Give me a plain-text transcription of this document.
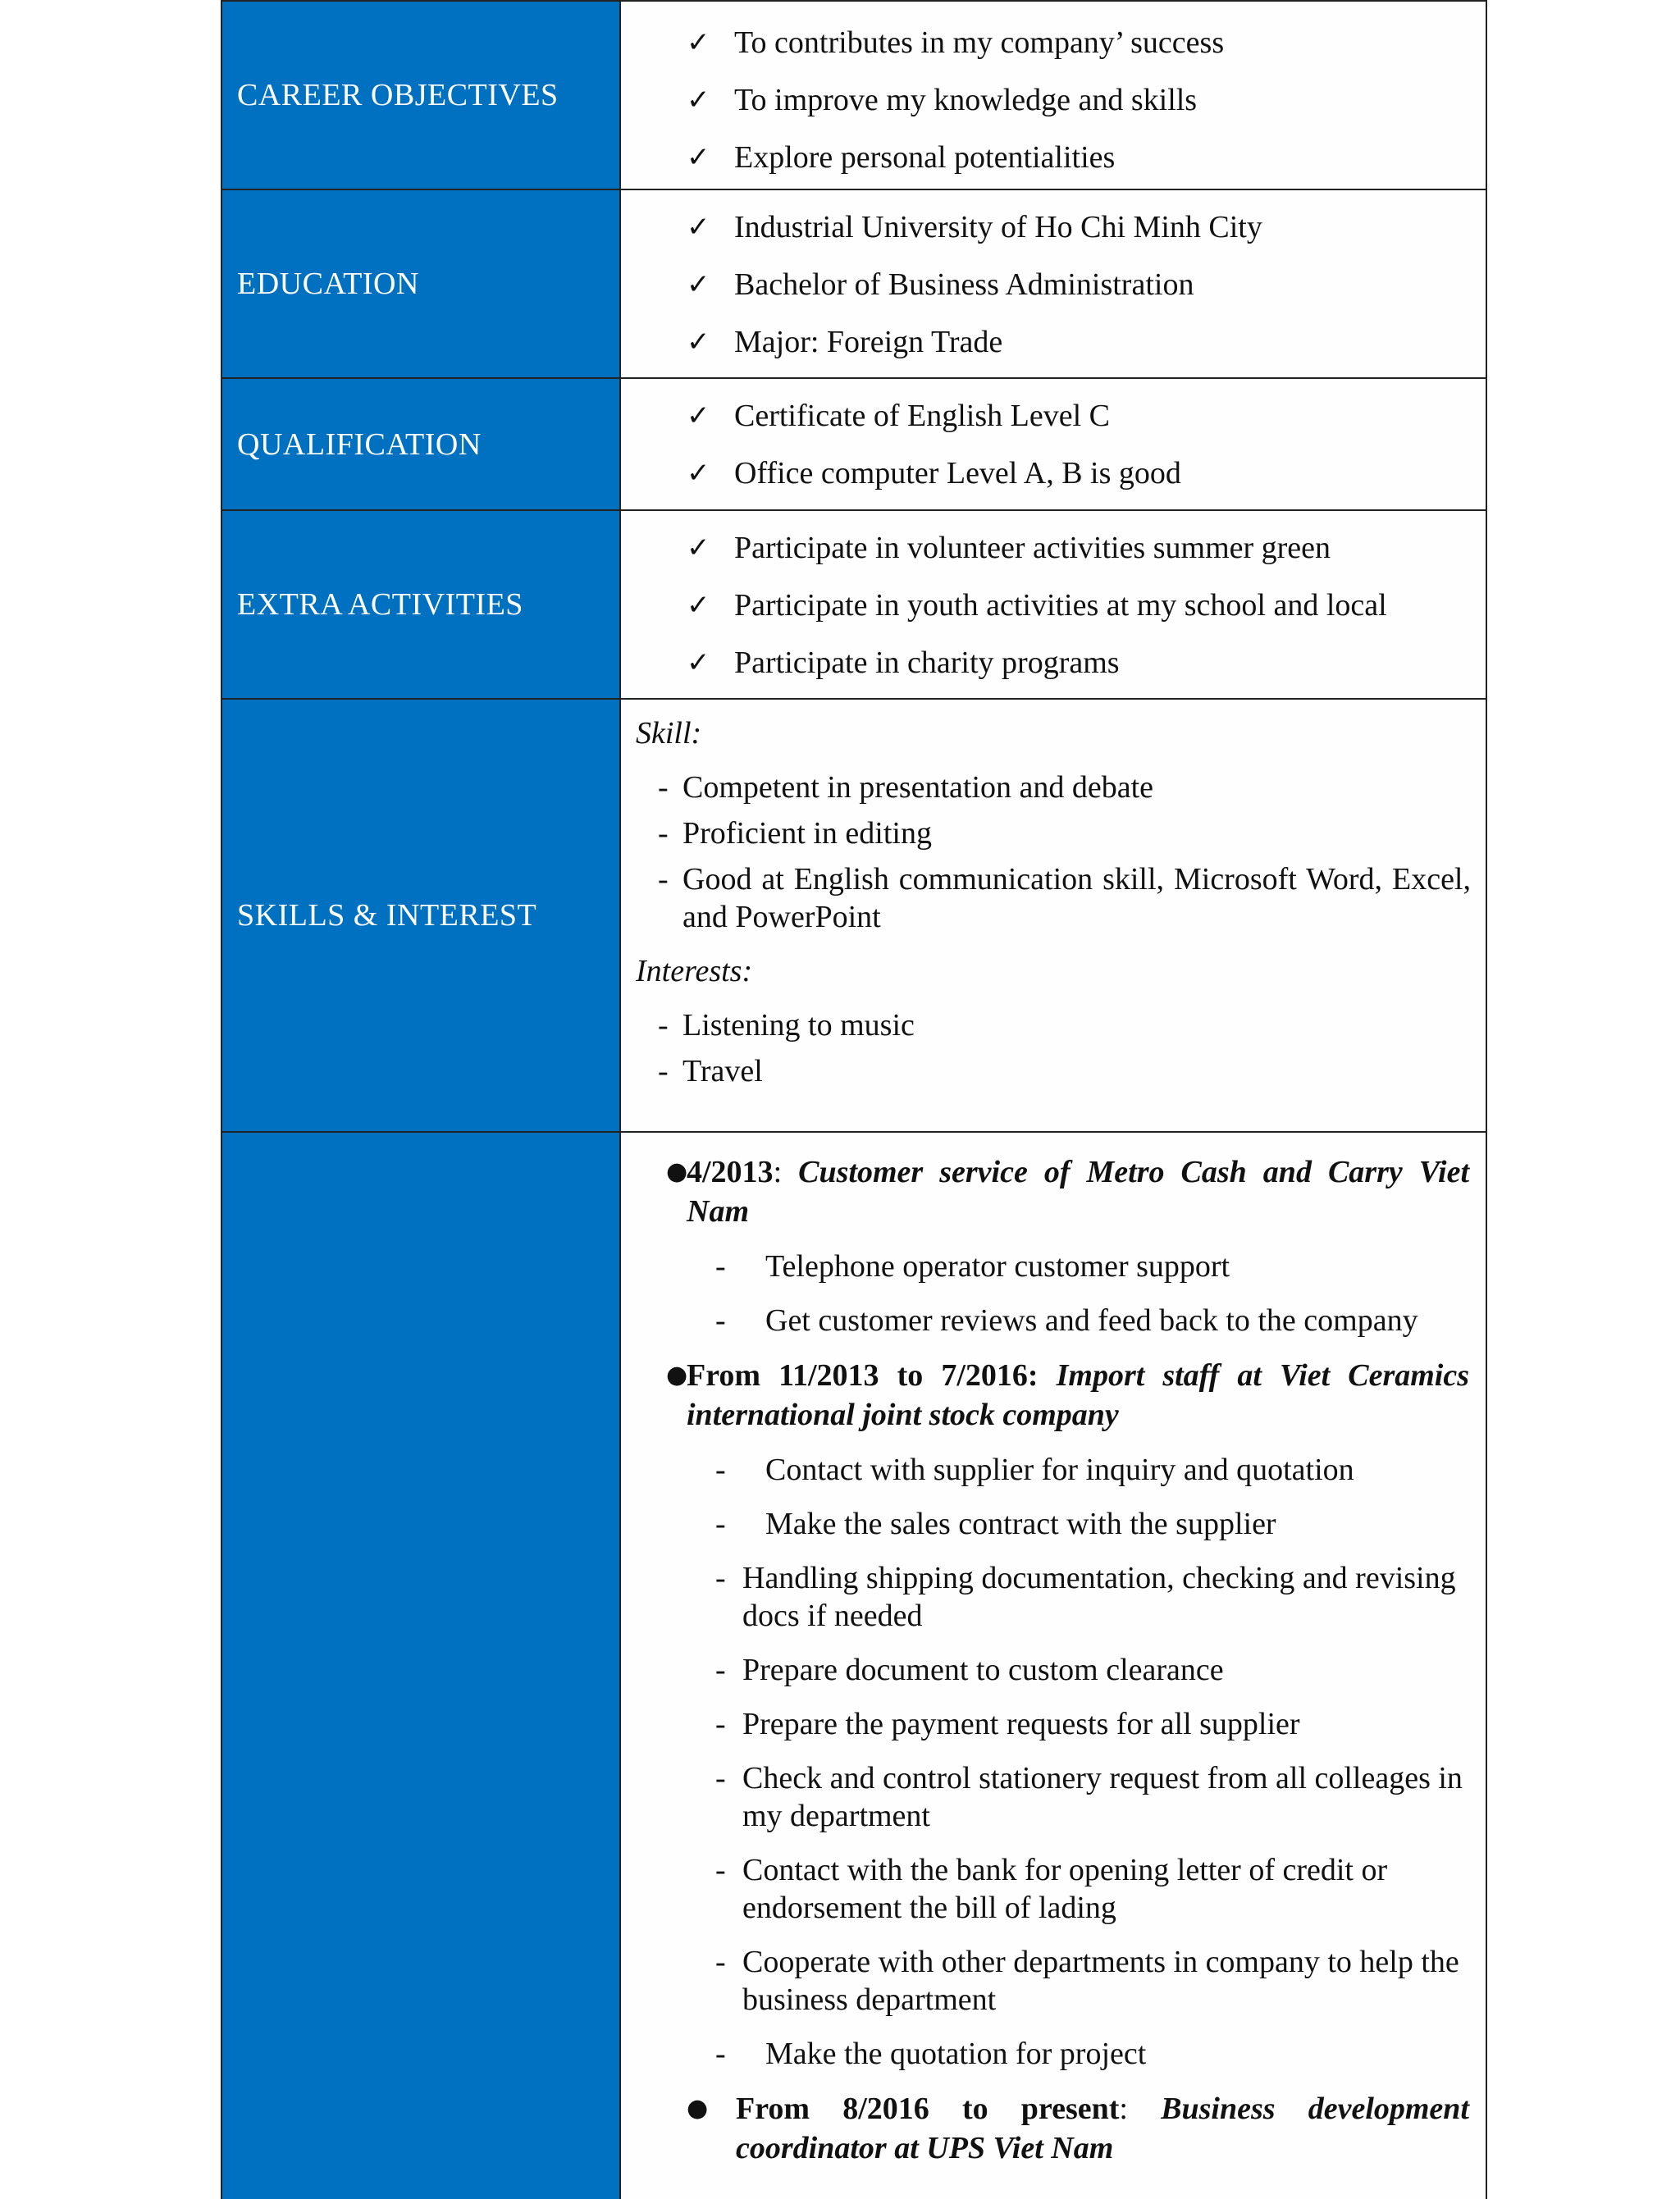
CAREER OBJECTIVES
✓ To contributes in my company’ success
✓ To improve my knowledge and skills
✓ Explore personal potentialities
EDUCATION
✓ Industrial University of Ho Chi Minh City
✓ Bachelor of Business Administration
✓ Major: Foreign Trade
QUALIFICATION
✓ Certificate of English Level C
✓ Office computer Level A, B is good
EXTRA ACTIVITIES
✓ Participate in volunteer activities summer green
✓ Participate in youth activities at my school and local
✓ Participate in charity programs
SKILLS & INTEREST
Skill:
- Competent in presentation and debate
- Proficient in editing
- Good at English communication skill, Microsoft Word, Excel, and PowerPoint
Interests:
- Listening to music
- Travel
●
4/2013: Customer service of Metro Cash and Carry Viet Nam
- Telephone operator customer support
- Get customer reviews and feed back to the company
●
From 11/2013 to 7/2016: Import staff at Viet Ceramics international joint stock company
- Contact with supplier for inquiry and quotation
- Make the sales contract with the supplier
- Handling shipping documentation, checking and revising docs if needed
- Prepare document to custom clearance
- Prepare the payment requests for all supplier
- Check and control stationery request from all colleages in my department
- Contact with the bank for opening letter of credit or endorsement the bill of lading
- Cooperate with other departments in company to help the business department
- Make the quotation for project
● From 8/2016 to present: Business development coordinator at UPS Viet Nam
